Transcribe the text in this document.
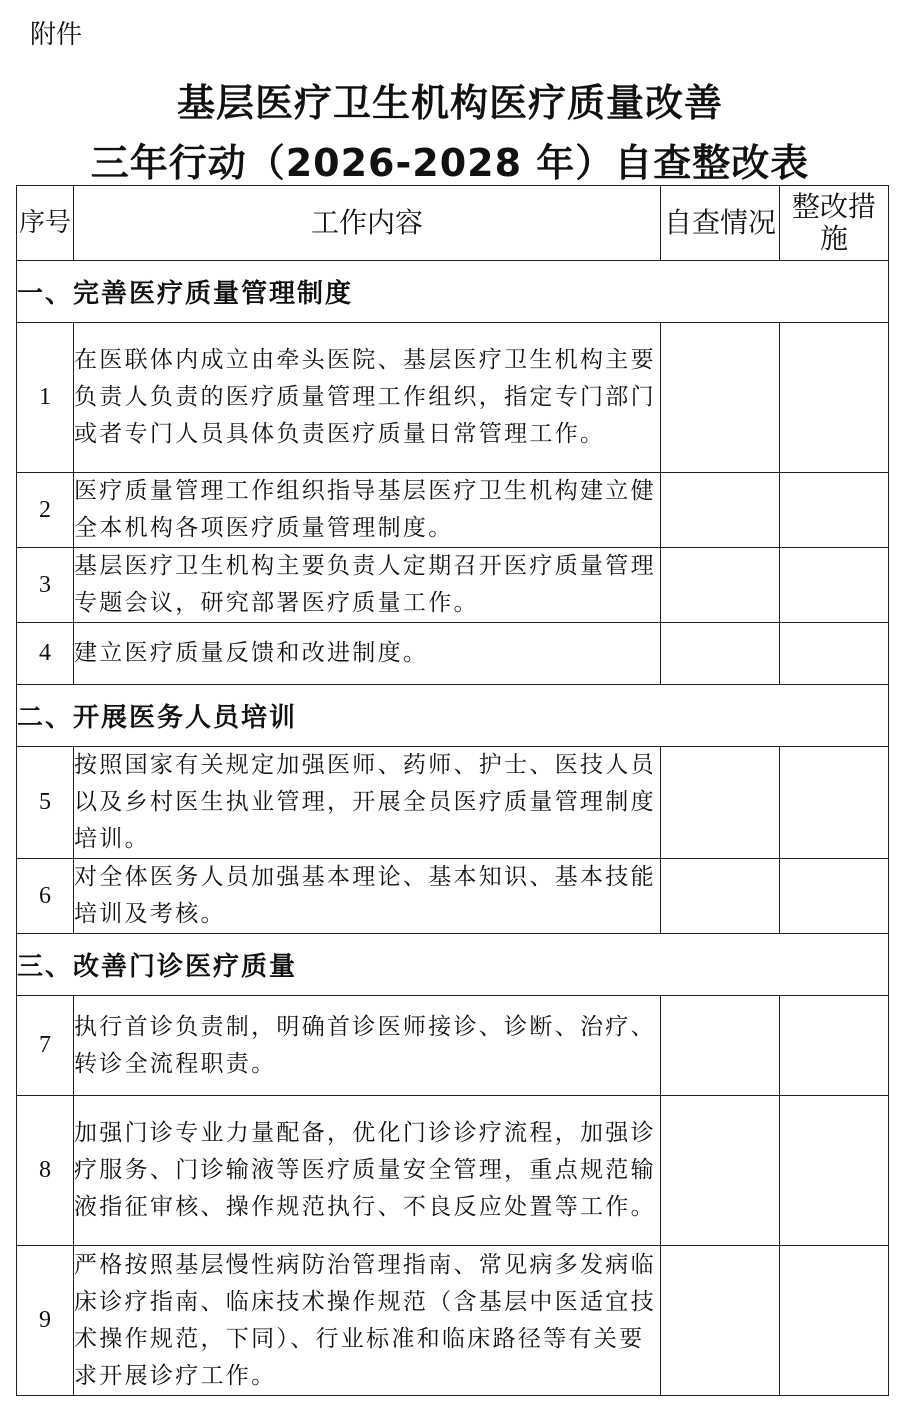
附件
基层医疗卫生机构医疗质量改善
三年行动（2026-2028 年）自查整改表
序号	工作内容	自查情况	整改措施
一、完善医疗质量管理制度			
1	在医联体内成立由牵头医院、基层医疗卫生机构主要负责人负责的医疗质量管理工作组织，指定专门部门或者专门人员具体负责医疗质量日常管理工作。		
2	医疗质量管理工作组织指导基层医疗卫生机构建立健全本机构各项医疗质量管理制度。		
3	基层医疗卫生机构主要负责人定期召开医疗质量管理专题会议，研究部署医疗质量工作。		
4	建立医疗质量反馈和改进制度。		
二、开展医务人员培训			
5	按照国家有关规定加强医师、药师、护士、医技人员以及乡村医生执业管理，开展全员医疗质量管理制度培训。		
6	对全体医务人员加强基本理论、基本知识、基本技能培训及考核。		
三、改善门诊医疗质量			
7	执行首诊负责制，明确首诊医师接诊、诊断、治疗、转诊全流程职责。		
8	加强门诊专业力量配备，优化门诊诊疗流程，加强诊疗服务、门诊输液等医疗质量安全管理，重点规范输液指征审核、操作规范执行、不良反应处置等工作。		
9	严格按照基层慢性病防治管理指南、常见病多发病临床诊疗指南、临床技术操作规范（含基层中医适宜技术操作规范，下同）、行业标准和临床路径等有关要求开展诊疗工作。		
